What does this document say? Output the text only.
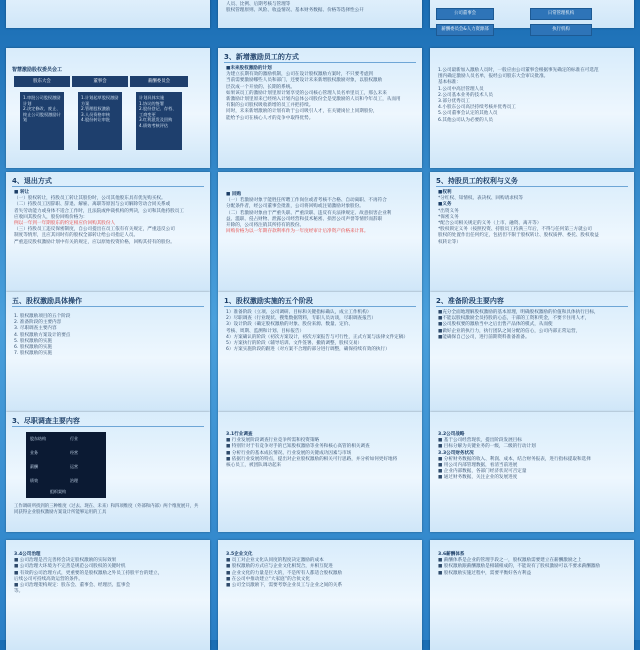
人员、比例、后期考核与管理等
股权管理原则、风险、收益情况、基本财务数据、价格等选择性公开
公司董事会	日常管理机构
薪酬委员会&人力资源部	执行机构
智慧激励股权委员会工
股东大会	董事会	薪酬委员会
1.审批公司股权激励计划
2.决定修改、废止、终止公司股权激励计划
1.计划起草股权激励方案
2.管理股权激励
3.人员资格审核
4.股份转让审批
计划具体实施
1.协议的签署
2.股份登记、存档、工商变更
3.红利派发及回购
4.绩效考核评估
3、新增激励员工的方式
■未来股权激励的计划
为建立长期有效的激励机制，公司在设计股权激励方案时，不只要考虑到
当前需要激励哪些人员和部门，还要设计未来新增股权激励对象，以股权激励
层次成一个开放的、长期的系统。
如果该员工的激励计划里原计划享受的公司核心管理人员名单里员工，那么未来
新激励计划里原来已经纳入计划内总体公司股份全是受激励的人员和今年员工，从而用
有限的公司股权吸收新增的员工并把持续。
同时，未来新增激励的计划有助于公司吸引人才，在关键岗位上同期股份，
能给予公司在核心人才的竞争中取得优势。
1.公司最新加入激励人员时，一般应由公司董事会根据事先确定的标准在可选范
围内确定激励人员名单，报经公司股东大会审议批准。
基本标准：
1.公司中高层管理人员
2.公司基本业务的技术人员
3.部分优秀员工
4.小股东公司高层持续考核并优秀员工
5.公司董事会认定的其他人员
6.其他公司认为必要的人员
4、退出方式
■ 转让
（一）股权转让，持股员工转让其股份时，公司其他股东具有优先购买权。
（二）持股员工因辞职、辞退、解雇、离职等原因与公司解除劳动合同关系或
者失劳动能力或身体不适合工作时，且法院或仲裁机构的判决，公司和其他持股员工
应收回其股份人，股份回购价格为：
例以一年到一年期股东的约定相应价回购其股份人
（三）持股员工违反保密制度，自公司提出在员工依有有关规定，严重违反公司
制度等情形，且应其同时有的股权全部转让给公司指定人员。
严重违反股权激励计划中有关的规定，应以原始投资价格，回购其持有的股份。
■ 回购
（一）若激励对象于能胜任所聘工作岗位或者考核不合格、自动离职、不再符合
分配条件者，经公司董事会批准，公司将回购或注销激励对象股份。
（二）若激励对象由于严重失职、严重渎职、违反有关法律规定、故意损害企业利
益、滥职、侵占财物、泄露公司经营和技术秘密、损害公司声誉等情形而辞职
开除的，公司将注销其所持有的股份。
回购价格为以一年期存款利率作为一年度经审计后净资产价格来计算。
5、持股员工的权利与义务
■权利
*分红权、知情权、表决权、回购请求权等
■义务
*出资义务
*保密义务
*配合公司相关规定的义务（上市、融资、离开等）
*股权锁定义务（按照投资、持股员工持满三年后，不得与任何第三方就公司
股权的处置作出任何约定，包括但不限于股权转让、股权质押、委托、股权收益
权转让等）
五、股权激励具体操作
1. 股权激励项目的五个阶段
2. 准备阶段的主要内容
3. 尽职调查主要内容
4. 股权激励方案设计的要点
5. 股权激励的实施
6. 股权激励的实施
7. 股权激励的实施
1、股权激励实施的五个阶段
1）准备阶段（立项、公司调研、目标和关键指标确认，成立工作机构）
2）尽职调查（行业现状、搜集数据资料，专职人员访谈，尽职调查报告）
3）设计阶段（确定股权激励的对象、股份来源、数量、定价、
考核、周期、监测和计划、目标报告）
4）方案确认的阶段（初次方案设计，初次方案报告与可行性，正式方案与法律文件定稿）
5）方案执行的阶段（辅导培训、文件签署、撤销调整，股权交易）
6）方案实施阶段的跟进（对方案不合理的部分进行调整，确保持续有效的执行）
2、准备阶段主要内容
■充分全面地理解股权激励的基本原理，明确股权激励的价值和具体执行目标，
■不能以股权激励全员持股的心态，干部的工资和奖金，不要卡住用人才，
■公司股权要的激励当中之后出售产品体的模式，从而使
■做好企业的执行力，执行团队之间分配的信心，公司内部正常运营，
■能确保自己公司，进行前期资料准备准备。
3、尽职调查主要内容
股东结构	行业
业务	经营
薪酬	运营
绩效	治理
组织架构
工作调研所找到的三种维度（过去、现在、未来）和四项维度（外部和内部）两个维度展开，共同获得企业股权激励方案设计所能够运用的工具
3.1行业调查
■ 行业发展阶段调查行业竞争所需和投资策略
■ 特别针对于有竞争对手的已知股权激励等业务和核心高管的相关调查
■ 分析行业的基本成长情况、行业发展的关键成功因素与市场
■ 依据行业发展的特点，提出对企业股权激励的相关可行思路，并分析如何更好地将
核心员工，被团队调动起来
3.2公司战略
■ 基于公司经营现状，提出阶段发展目标
■ 目标分解为关键业务的一级，二级的行动计划
3.3公司财务状况
■ 分析财务数据的收入、利润、成本，结合财务报表，进行指标提取和选择
■ 用公司内部管理数据，看清当前进展
■ 企业内部数据，各部门经济状况可否定量
■ 通过财务数据，关注企业的发展进度
3.4公司治理
■ 公司治理是否完善将会决定股权激励的实际效果
■ 公司治理大环境为不完善是规范公司股权的关键时机
■ 有效的公司治理方式，更重要的是股权激励之外员工持股平台的建立，
后续公司可持续高效运营的条件。
■ 公司治理架构规定：股东会、董事会、经理层、监事会
等。
3.5企业文化
■ 员工对企业文化认同度的程度决定激励的成本
■ 股权激励的方式应与企业文化相契合，并相互促进
■ 企业文化的力量是巨大的，不是所有人都适合股权激励
■ 在公司中推动建立“大家庭”的合伙文化
■ 公司全员激励下，需要考察企业员工与企业之间的关系
3.6薪酬体系
■ 薪酬体系是企业的管理手段之一，股权激励需要建立在薪酬激励之上
■ 股权激励跟薪酬激励是相辅相成的，不能说有了股权激励可以不要求薪酬激励
■ 股权激励实施过程中，需要平衡好各方利益
